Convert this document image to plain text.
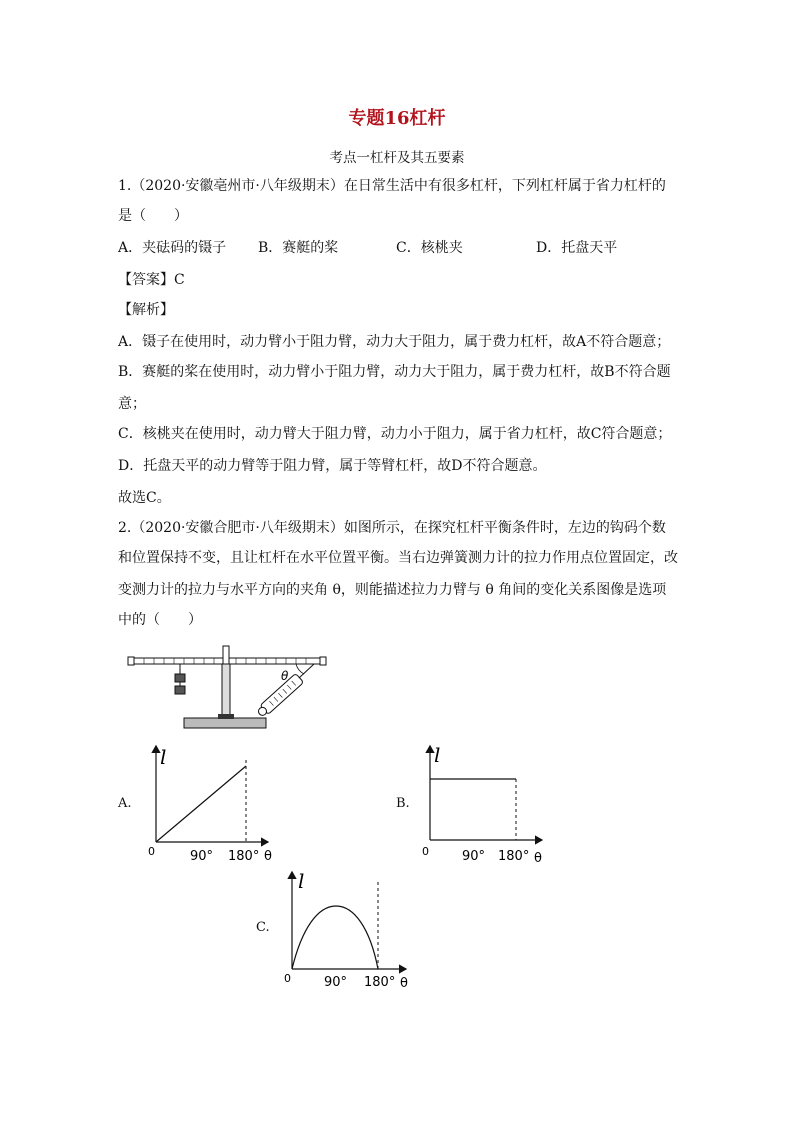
专题16杠杆
考点一杠杆及其五要素
1.（2020·安徽亳州市·八年级期末）在日常生活中有很多杠杆，下列杠杆属于省力杠杆的
是（　　）
A．夹砝码的镊子 B．赛艇的桨	C．核桃夹	D．托盘天平
【答案】C
【解析】
A．镊子在使用时，动力臂小于阻力臂，动力大于阻力，属于费力杠杆，故A不符合题意；
B．赛艇的桨在使用时，动力臂小于阻力臂，动力大于阻力，属于费力杠杆，故B不符合题
意；
C．核桃夹在使用时，动力臂大于阻力臂，动力小于阻力，属于省力杠杆，故C符合题意；
D．托盘天平的动力臂等于阻力臂，属于等臂杠杆，故D不符合题意。
故选C。
2.（2020·安徽合肥市·八年级期末）如图所示，在探究杠杆平衡条件时，左边的钩码个数
和位置保持不变，且让杠杆在水平位置平衡。当右边弹簧测力计的拉力作用点位置固定，改
变测力计的拉力与水平方向的夹角 θ，则能描述拉力力臂与 θ 角间的变化关系图像是选项
中的（　　）
θ
A.
l
0	90° 180° θ
B.
l
0	90° 180° θ
C.
l
0	90° 180° θ
